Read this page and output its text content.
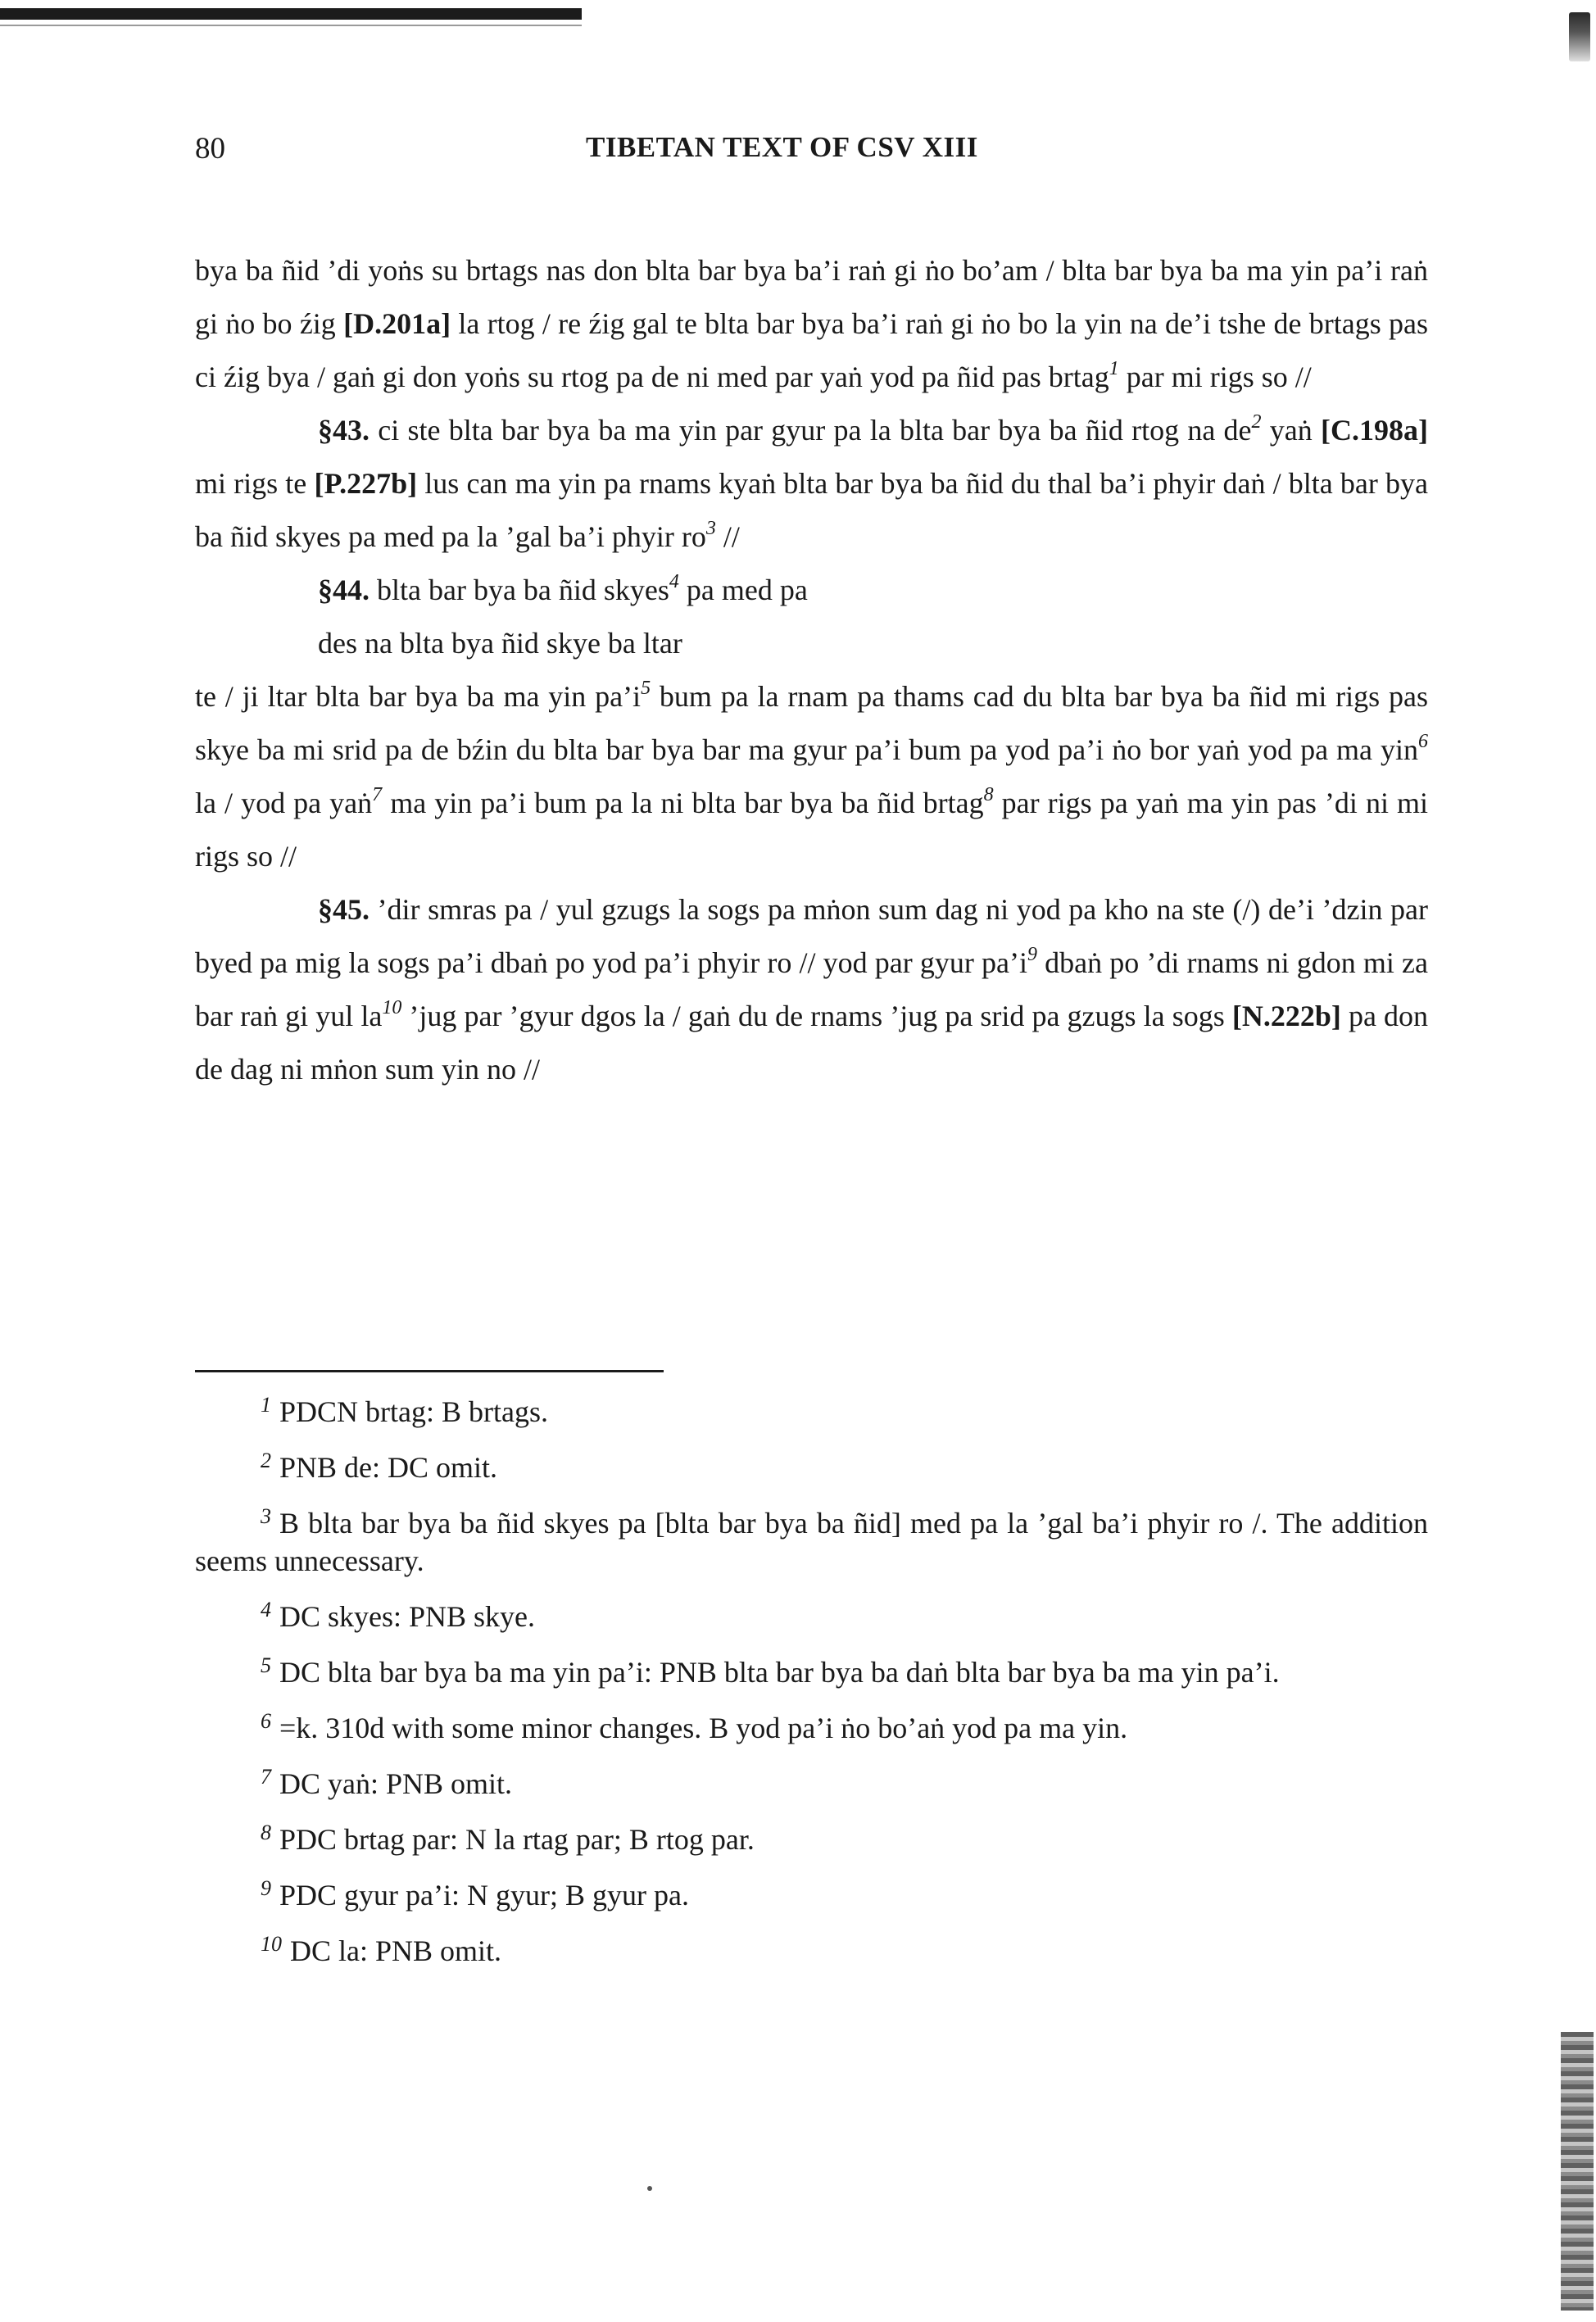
80	TIBETAN TEXT OF CSV XIII

bya ba ñid ’di yoṅs su brtags nas don blta bar bya ba’i raṅ gi ṅo bo’am / blta bar bya ba ma yin pa’i raṅ gi ṅo bo źig [D.201a] la rtog / re źig gal te blta bar bya ba’i raṅ gi ṅo bo la yin na de’i tshe de brtags pas ci źig bya / gaṅ gi don yoṅs su rtog pa de ni med par yaṅ yod pa ñid pas brtag$^1$ par mi rigs so //

§43. ci ste blta bar bya ba ma yin par gyur pa la blta bar bya ba ñid rtog na $de^2$ yaṅ [C.198a] mi rigs te [P.227b] lus can ma yin pa rnams kyaṅ blta bar bya ba ñid du thal ba’i phyir daṅ / blta bar bya ba ñid skyes pa med pa la ’gal ba’i phyir $ro^3$ //

§44. blta bar bya ba ñid skyes$^4$ pa med pa

des na blta bya ñid skye ba ltar

te / ji ltar blta bar bya ba ma yin $pa’i^5$ bum pa la rnam pa thams cad du blta bar bya ba ñid mi rigs pas skye ba mi srid pa de bźin du blta bar bya bar ma gyur pa’i bum pa yod pa’i ṅo bor yaṅ yod pa ma yin$^6$ la / yod pa yaṅ$^7$ ma yin pa’i bum pa la ni blta bar bya ba ñid brtag$^8$ par rigs pa yaṅ ma yin pas ’di ni mi rigs so //

§45. ’dir smras pa / yul gzugs la sogs pa mṅon sum dag ni yod pa kho na ste (/) de’i ’dzin par byed pa mig la sogs pa’i dbaṅ po yod pa’i phyir ro // yod par gyur $pa’i^9$ dbaṅ po ’di rnams ni gdon mi za bar raṅ gi yul $la^{10}$ ’jug par ’gyur dgos la / gaṅ du de rnams ’jug pa srid pa gzugs la sogs [N.222b] pa don de dag ni mṅon sum yin no //

$^1$ PDCN brtag: B brtags.

$^2$ PNB de: DC omit.

$^3$ B blta bar bya ba ñid skyes pa [blta bar bya ba ñid] med pa la ’gal ba’i phyir ro /. The addition seems unnecessary.

$^4$ DC skyes: PNB skye.

$^5$ DC blta bar bya ba ma yin pa’i: PNB blta bar bya ba daṅ blta bar bya ba ma yin pa’i.

$^6$ =k. 310d with some minor changes. B yod pa’i ṅo bo’aṅ yod pa ma yin.

$^7$ DC yaṅ: PNB omit.

$^8$ PDC brtag par: N la rtag par; B rtog par.

$^9$ PDC gyur pa’i: N gyur; B gyur pa.

$^{10}$ DC la: PNB omit.
